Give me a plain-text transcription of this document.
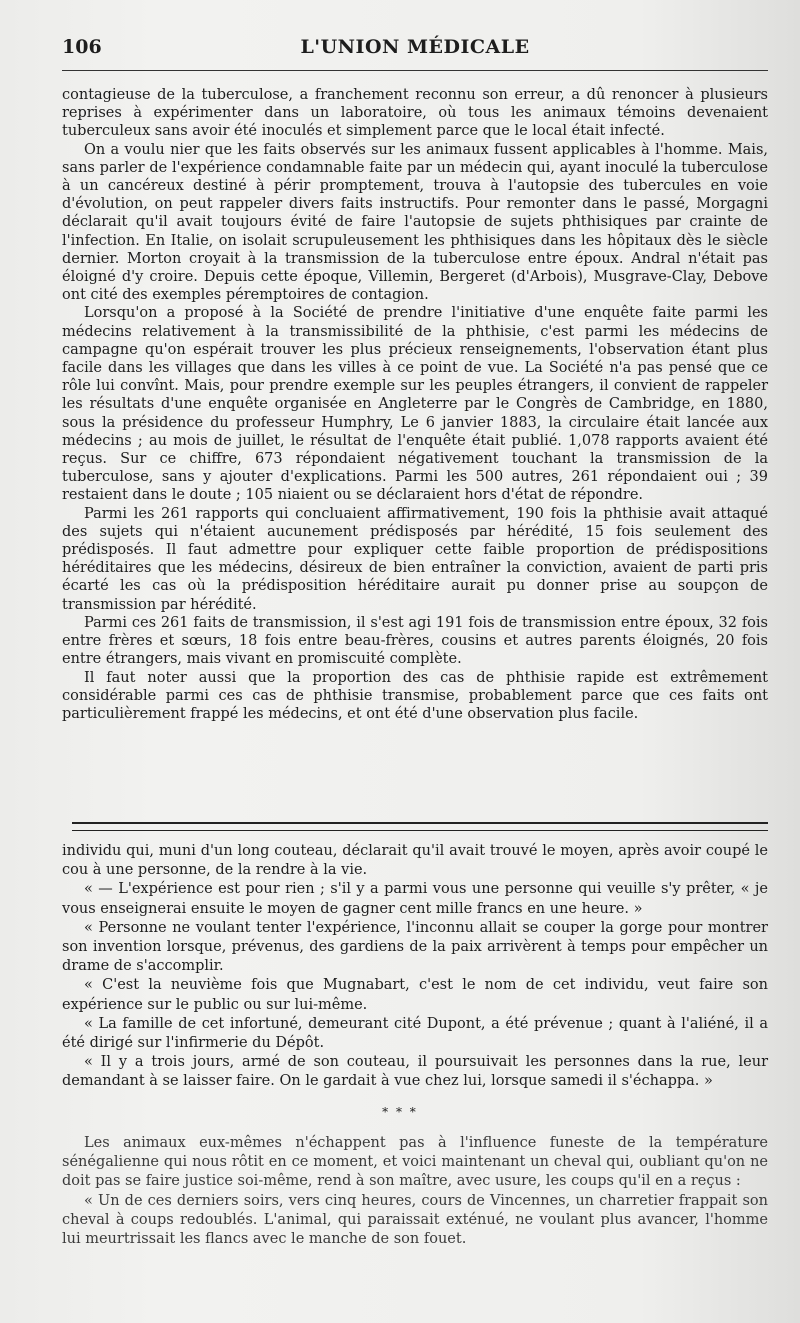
106	L'UNION MÉDICALE

contagieuse de la tuberculose, a franchement reconnu son erreur, a dû renoncer à plusieurs reprises à expérimenter dans un laboratoire, où tous les animaux témoins devenaient tuberculeux sans avoir été inoculés et simplement parce que le local était infecté.

On a voulu nier que les faits observés sur les animaux fussent applicables à l'homme. Mais, sans parler de l'expérience condamnable faite par un médecin qui, ayant inoculé la tuberculose à un cancéreux destiné à périr promptement, trouva à l'autopsie des tubercules en voie d'évolution, on peut rappeler divers faits instructifs. Pour remonter dans le passé, Morgagni déclarait qu'il avait toujours évité de faire l'autopsie de sujets phthisiques par crainte de l'infection. En Italie, on isolait scrupuleusement les phthisiques dans les hôpitaux dès le siècle dernier. Morton croyait à la transmission de la tuberculose entre époux. Andral n'était pas éloigné d'y croire. Depuis cette époque, Villemin, Bergeret (d'Arbois), Musgrave-Clay, Debove ont cité des exemples péremptoires de contagion.

Lorsqu'on a proposé à la Société de prendre l'initiative d'une enquête faite parmi les médecins relativement à la transmissibilité de la phthisie, c'est parmi les médecins de campagne qu'on espérait trouver les plus précieux renseignements, l'observation étant plus facile dans les villages que dans les villes à ce point de vue. La Société n'a pas pensé que ce rôle lui convînt. Mais, pour prendre exemple sur les peuples étrangers, il convient de rappeler les résultats d'une enquête organisée en Angleterre par le Congrès de Cambridge, en 1880, sous la présidence du professeur Humphry, Le 6 janvier 1883, la circulaire était lancée aux médecins ; au mois de juillet, le résultat de l'enquête était publié. 1,078 rapports avaient été reçus. Sur ce chiffre, 673 répondaient négativement touchant la transmission de la tuberculose, sans y ajouter d'explications. Parmi les 500 autres, 261 répondaient oui ; 39 restaient dans le doute ; 105 niaient ou se déclaraient hors d'état de répondre.

Parmi les 261 rapports qui concluaient affirmativement, 190 fois la phthisie avait attaqué des sujets qui n'étaient aucunement prédisposés par hérédité, 15 fois seulement des prédisposés. Il faut admettre pour expliquer cette faible proportion de prédispositions héréditaires que les médecins, désireux de bien entraîner la conviction, avaient de parti pris écarté les cas où la prédisposition héréditaire aurait pu donner prise au soupçon de transmission par hérédité.

Parmi ces 261 faits de transmission, il s'est agi 191 fois de transmission entre époux, 32 fois entre frères et sœurs, 18 fois entre beau-frères, cousins et autres parents éloignés, 20 fois entre étrangers, mais vivant en promiscuité complète.

Il faut noter aussi que la proportion des cas de phthisie rapide est extrêmement considérable parmi ces cas de phthisie transmise, probablement parce que ces faits ont particulièrement frappé les médecins, et ont été d'une observation plus facile.

individu qui, muni d'un long couteau, déclarait qu'il avait trouvé le moyen, après avoir coupé le cou à une personne, de la rendre à la vie.

« — L'expérience est pour rien ; s'il y a parmi vous une personne qui veuille s'y prêter, « je vous enseignerai ensuite le moyen de gagner cent mille francs en une heure. »

« Personne ne voulant tenter l'expérience, l'inconnu allait se couper la gorge pour montrer son invention lorsque, prévenus, des gardiens de la paix arrivèrent à temps pour empêcher un drame de s'accomplir.

« C'est la neuvième fois que Mugnabart, c'est le nom de cet individu, veut faire son expérience sur le public ou sur lui-même.

« La famille de cet infortuné, demeurant cité Dupont, a été prévenue ; quant à l'aliéné, il a été dirigé sur l'infirmerie du Dépôt.

« Il y a trois jours, armé de son couteau, il poursuivait les personnes dans la rue, leur demandant à se laisser faire. On le gardait à vue chez lui, lorsque samedi il s'échappa. »

* * *

Les animaux eux-mêmes n'échappent pas à l'influence funeste de la température sénégalienne qui nous rôtit en ce moment, et voici maintenant un cheval qui, oubliant qu'on ne doit pas se faire justice soi-même, rend à son maître, avec usure, les coups qu'il en a reçus :

« Un de ces derniers soirs, vers cinq heures, cours de Vincennes, un charretier frappait son cheval à coups redoublés. L'animal, qui paraissait exténué, ne voulant plus avancer, l'homme lui meurtrissait les flancs avec le manche de son fouet.
